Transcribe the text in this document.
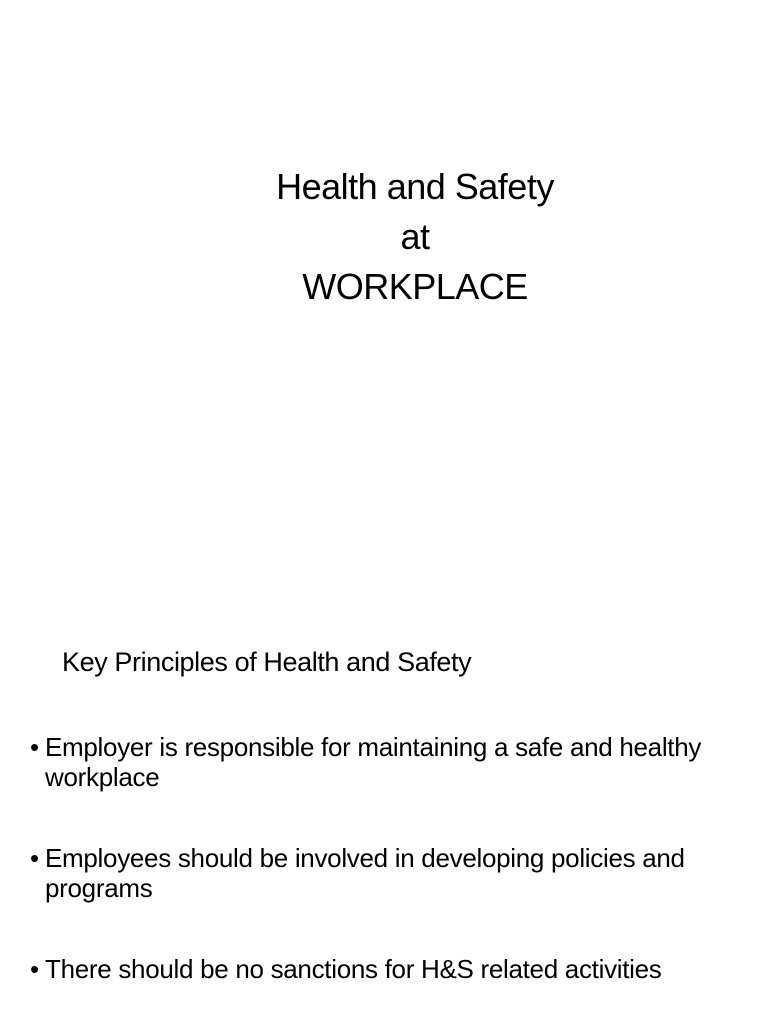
Health and Safety
at
WORKPLACE
Key Principles of Health and Safety
• Employer is responsible for maintaining a safe and healthy workplace
• Employees should be involved in developing policies and programs
• There should be no sanctions for H&S related activities
